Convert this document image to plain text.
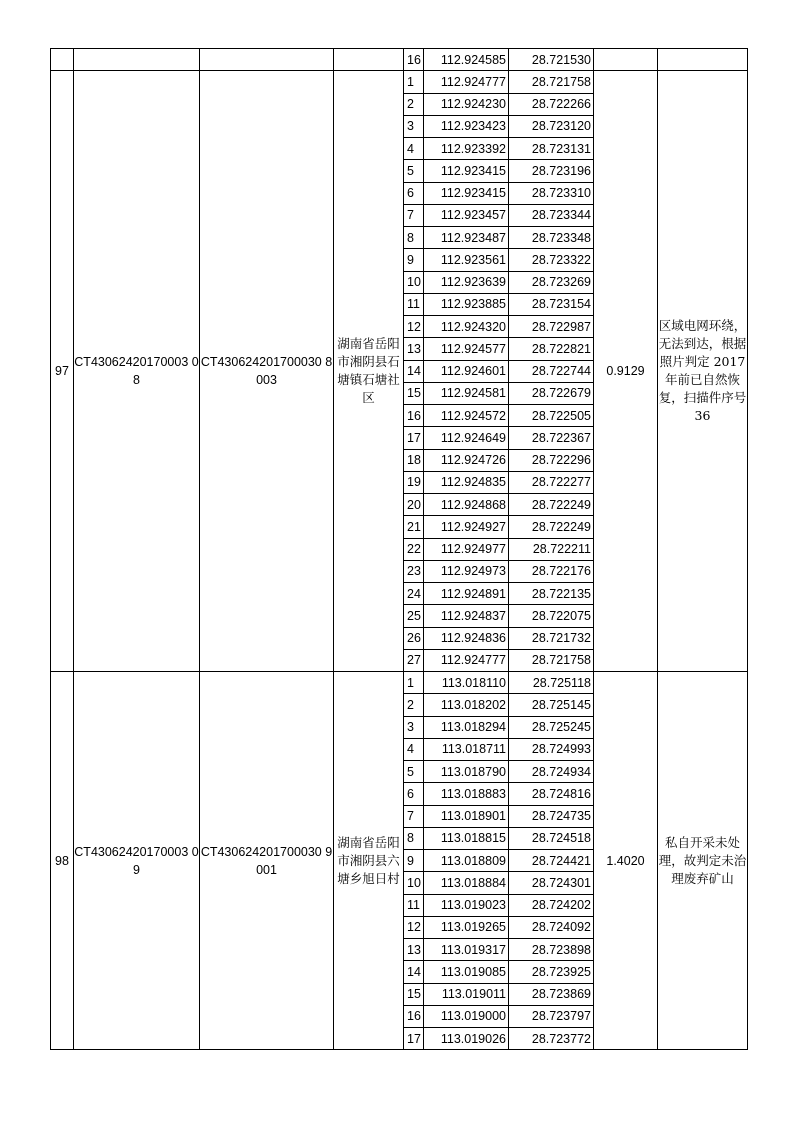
				16	112.924585	28.721530		
97	CT43062420170003 08	CT430624201700030 8003	湖南省岳阳市湘阴县石塘镇石塘社区	1	112.924777	28.721758	0.9129	区域电网环绕，无法到达，根据照片判定 2017 年前已自然恢复，扫描件序号 36
				2	112.924230	28.722266		
				3	112.923423	28.723120		
				4	112.923392	28.723131		
				5	112.923415	28.723196		
				6	112.923415	28.723310		
				7	112.923457	28.723344		
				8	112.923487	28.723348		
				9	112.923561	28.723322		
				10	112.923639	28.723269		
				11	112.923885	28.723154		
				12	112.924320	28.722987		
				13	112.924577	28.722821		
				14	112.924601	28.722744		
				15	112.924581	28.722679		
				16	112.924572	28.722505		
				17	112.924649	28.722367		
				18	112.924726	28.722296		
				19	112.924835	28.722277		
				20	112.924868	28.722249		
				21	112.924927	28.722249		
				22	112.924977	28.722211		
				23	112.924973	28.722176		
				24	112.924891	28.722135		
				25	112.924837	28.722075		
				26	112.924836	28.721732		
				27	112.924777	28.721758		
98	CT43062420170003 09	CT430624201700030 9001	湖南省岳阳市湘阴县六塘乡旭日村	1	113.018110	28.725118	1.4020	私自开采未处理，故判定未治理废弃矿山
				2	113.018202	28.725145		
				3	113.018294	28.725245		
				4	113.018711	28.724993		
				5	113.018790	28.724934		
				6	113.018883	28.724816		
				7	113.018901	28.724735		
				8	113.018815	28.724518		
				9	113.018809	28.724421		
				10	113.018884	28.724301		
				11	113.019023	28.724202		
				12	113.019265	28.724092		
				13	113.019317	28.723898		
				14	113.019085	28.723925		
				15	113.019011	28.723869		
				16	113.019000	28.723797		
				17	113.019026	28.723772		
